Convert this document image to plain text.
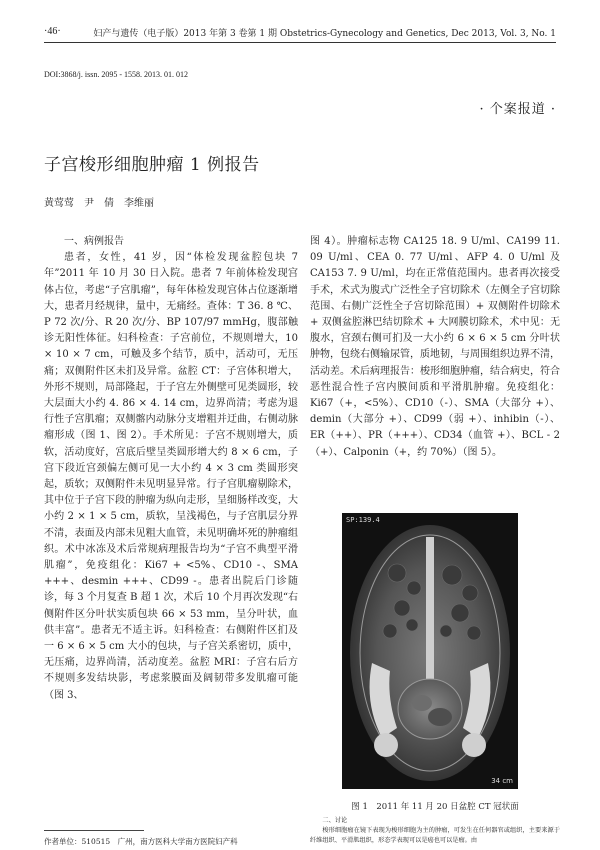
·46·	妇产与遗传（电子版）2013 年第 3 卷第 1 期 Obstetrics-Gynecology and Genetics, Dec 2013, Vol. 3, No. 1
DOI:3868/j. issn. 2095 - 1558. 2013. 01. 012
· 个案报道 ·
子宫梭形细胞肿瘤 1 例报告
黄莺莺　尹　倩　李维丽

一、病例报告

患者，女性，41 岁，因“体检发现盆腔包块 7 年”2011 年 10 月 30 日入院。患者 7 年前体检发现宫体占位，考虑“子宫肌瘤”，每年体检发现宫体占位逐渐增大，患者月经规律，量中，无痛经。查体：T 36. 8 ℃、P 72 次/分、R 20 次/分、BP 107/97 mmHg，腹部触诊无阳性体征。妇科检查：子宫前位，不规则增大，10 × 10 × 7 cm，可触及多个结节，质中，活动可，无压痛；双侧附件区未扪及异常。盆腔 CT：子宫体积增大，外形不规则，局部隆起，于子宫左外侧壁可见类圆形，较大层面大小约 4. 86 × 4. 14 cm，边界尚清；考虑为退行性子宫肌瘤；双侧髂内动脉分支增粗并迂曲，右侧动脉瘤形成（图 1、图 2）。手术所见：子宫不规则增大，质软，活动度好，宫底后壁呈类圆形增大约 8 × 6 cm，子宫下段近宫颈偏左侧可见一大小约 4 × 3 cm 类圆形突起，质软；双侧附件未见明显异常。行子宫肌瘤剔除术，其中位于子宫下段的肿瘤为纵向走形，呈细肠样改变，大小约 2 × 1 × 5 cm，质软，呈浅褐色，与子宫肌层分界不清，表面及内部未见粗大血管，未见明确坏死的肿瘤组织。术中冰冻及术后常规病理报告均为“子宫不典型平滑肌瘤”，免疫组化：Ki67 + <5%、CD10 -、SMA +++、desmin +++、CD99 -。患者出院后门诊随诊，每 3 个月复查 B 超 1 次，术后 10 个月再次发现“右侧附件区分叶状实质包块 66 × 53 mm，呈分叶状，血供丰富”。患者无不适主诉。妇科检查：右侧附件区扪及一 6 × 6 × 5 cm 大小的包块，与子宫关系密切，质中，无压痛，边界尚清，活动度差。盆腔 MRI：子宫右后方不规则多发结块影，考虑浆膜面及阔韧带多发肌瘤可能（图 3、

图 4）。肿瘤标志物 CA125 18. 9 U/ml、CA199 11. 09 U/ml、CEA 0. 77 U/ml、AFP 4. 0 U/ml 及 CA153 7. 9 U/ml，均在正常值范围内。患者再次接受手术，术式为腹式广泛性全子宫切除术（左侧全子宫切除范围、右侧广泛性全子宫切除范围）+ 双侧附件切除术 + 双侧盆腔淋巴结切除术 + 大网膜切除术，术中见：无腹水，宫颈右侧可扪及一大小约 6 × 6 × 5 cm 分叶状肿物，包绕右侧输尿管，质地韧，与周围组织边界不清，活动差。术后病理报告：梭形细胞肿瘤，结合病史，符合恶性混合性子宫内膜间质和平滑肌肿瘤。免疫组化：Ki67（+，<5%）、CD10（-）、SMA（大部分 +）、demin（大部分 +）、CD99（弱 +）、inhibin（-）、ER（++）、PR（+++）、CD34（血管 +）、BCL - 2（+）、Calponin（+，约 70%）（图 5）。

SP:139.4
34 cm
图 1　2011 年 11 月 20 日盆腔 CT 冠状面

二、讨论

梭形细胞瘤在镜下表现为梭形细胞为主的肿瘤，可发生在任何器官或组织，主要来源于纤维组织、平滑肌组织，形态学表现可以是癌也可以是瘤。由

作者单位：510515　广州，南方医科大学南方医院妇产科
